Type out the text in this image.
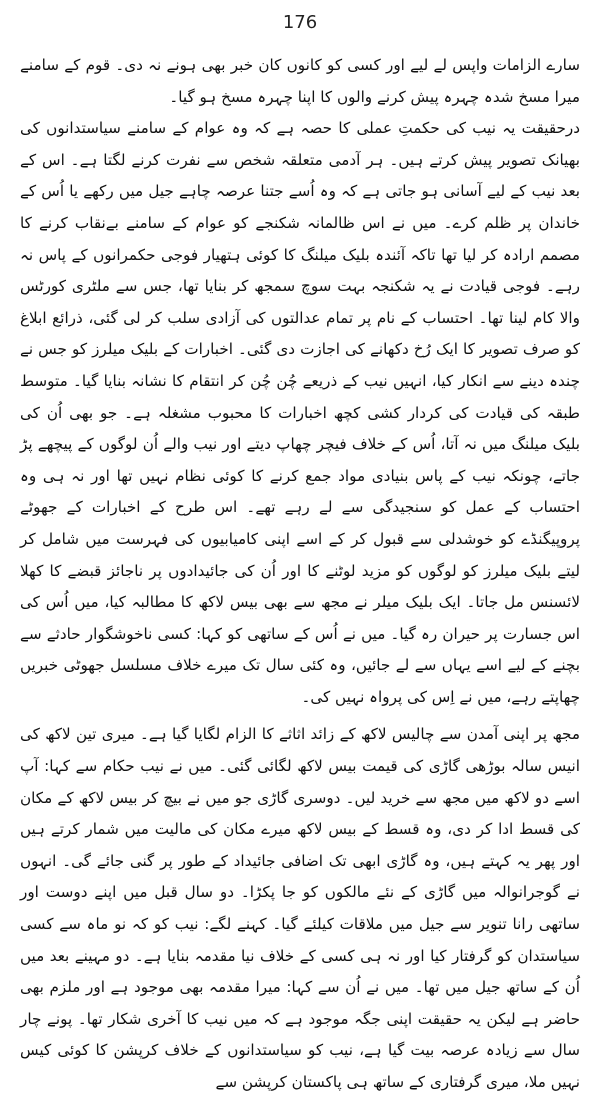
176

سارے الزامات واپس لے لیے اور کسی کو کانوں کان خبر بھی ہونے نہ دی۔ قوم کے سامنے میرا مسخ شدہ چہرہ پیش کرنے والوں کا اپنا چہرہ مسخ ہو گیا۔

درحقیقت یہ نیب کی حکمتِ عملی کا حصہ ہے کہ وہ عوام کے سامنے سیاستدانوں کی بھیانک تصویر پیش کرتے ہیں۔ ہر آدمی متعلقہ شخص سے نفرت کرنے لگتا ہے۔ اس کے بعد نیب کے لیے آسانی ہو جاتی ہے کہ وہ اُسے جتنا عرصہ چاہے جیل میں رکھے یا اُس کے خاندان پر ظلم کرے۔ میں نے اس ظالمانہ شکنجے کو عوام کے سامنے بےنقاب کرنے کا مصمم ارادہ کر لیا تھا تاکہ آئندہ بلیک میلنگ کا کوئی ہتھیار فوجی حکمرانوں کے پاس نہ رہے۔ فوجی قیادت نے یہ شکنجہ بہت سوچ سمجھ کر بنایا تھا، جس سے ملٹری کورٹس والا کام لینا تھا۔ احتساب کے نام پر تمام عدالتوں کی آزادی سلب کر لی گئی، ذرائع ابلاغ کو صرف تصویر کا ایک رُخ دکھانے کی اجازت دی گئی۔ اخبارات کے بلیک میلرز کو جس نے چندہ دینے سے انکار کیا، انہیں نیب کے ذریعے چُن چُن کر انتقام کا نشانہ بنایا گیا۔ متوسط طبقہ کی قیادت کی کردار کشی کچھ اخبارات کا محبوب مشغلہ ہے۔ جو بھی اُن کی بلیک میلنگ میں نہ آتا، اُس کے خلاف فیچر چھاپ دیتے اور نیب والے اُن لوگوں کے پیچھے پڑ جاتے، چونکہ نیب کے پاس بنیادی مواد جمع کرنے کا کوئی نظام نہیں تھا اور نہ ہی وہ احتساب کے عمل کو سنجیدگی سے لے رہے تھے۔ اس طرح کے اخبارات کے جھوٹے پروپیگنڈے کو خوشدلی سے قبول کر کے اسے اپنی کامیابیوں کی فہرست میں شامل کر لیتے بلیک میلرز کو لوگوں کو مزید لوٹنے کا اور اُن کی جائیدادوں پر ناجائز قبضے کا کھلا لائسنس مل جاتا۔ ایک بلیک میلر نے مجھ سے بھی بیس لاکھ کا مطالبہ کیا، میں اُس کی اس جسارت پر حیران رہ گیا۔ میں نے اُس کے ساتھی کو کہا: کسی ناخوشگوار حادثے سے بچنے کے لیے اسے یہاں سے لے جائیں، وہ کئی سال تک میرے خلاف مسلسل جھوٹی خبریں چھاپتے رہے، میں نے اِس کی پرواہ نہیں کی۔

مجھ پر اپنی آمدن سے چالیس لاکھ کے زائد اثاثے کا الزام لگایا گیا ہے۔ میری تین لاکھ کی انیس سالہ بوڑھی گاڑی کی قیمت بیس لاکھ لگائی گئی۔ میں نے نیب حکام سے کہا: آپ اسے دو لاکھ میں مجھ سے خرید لیں۔ دوسری گاڑی جو میں نے بیچ کر بیس لاکھ کے مکان کی قسط ادا کر دی، وہ قسط کے بیس لاکھ میرے مکان کی مالیت میں شمار کرتے ہیں اور پھر یہ کہتے ہیں، وہ گاڑی ابھی تک اضافی جائیداد کے طور پر گنی جائے گی۔ انہوں نے گوجرانوالہ میں گاڑی کے نئے مالکوں کو جا پکڑا۔ دو سال قبل میں اپنے دوست اور ساتھی رانا تنویر سے جیل میں ملاقات کیلئے گیا۔ کہنے لگے: نیب کو کہ نو ماہ سے کسی سیاستدان کو گرفتار کیا اور نہ ہی کسی کے خلاف نیا مقدمہ بنایا ہے۔ دو مہینے بعد میں اُن کے ساتھ جیل میں تھا۔ میں نے اُن سے کہا: میرا مقدمہ بھی موجود ہے اور ملزم بھی حاضر ہے لیکن یہ حقیقت اپنی جگہ موجود ہے کہ میں نیب کا آخری شکار تھا۔ پونے چار سال سے زیادہ عرصہ بیت گیا ہے، نیب کو سیاستدانوں کے خلاف کرپشن کا کوئی کیس نہیں ملا، میری گرفتاری کے ساتھ ہی پاکستان کرپشن سے
